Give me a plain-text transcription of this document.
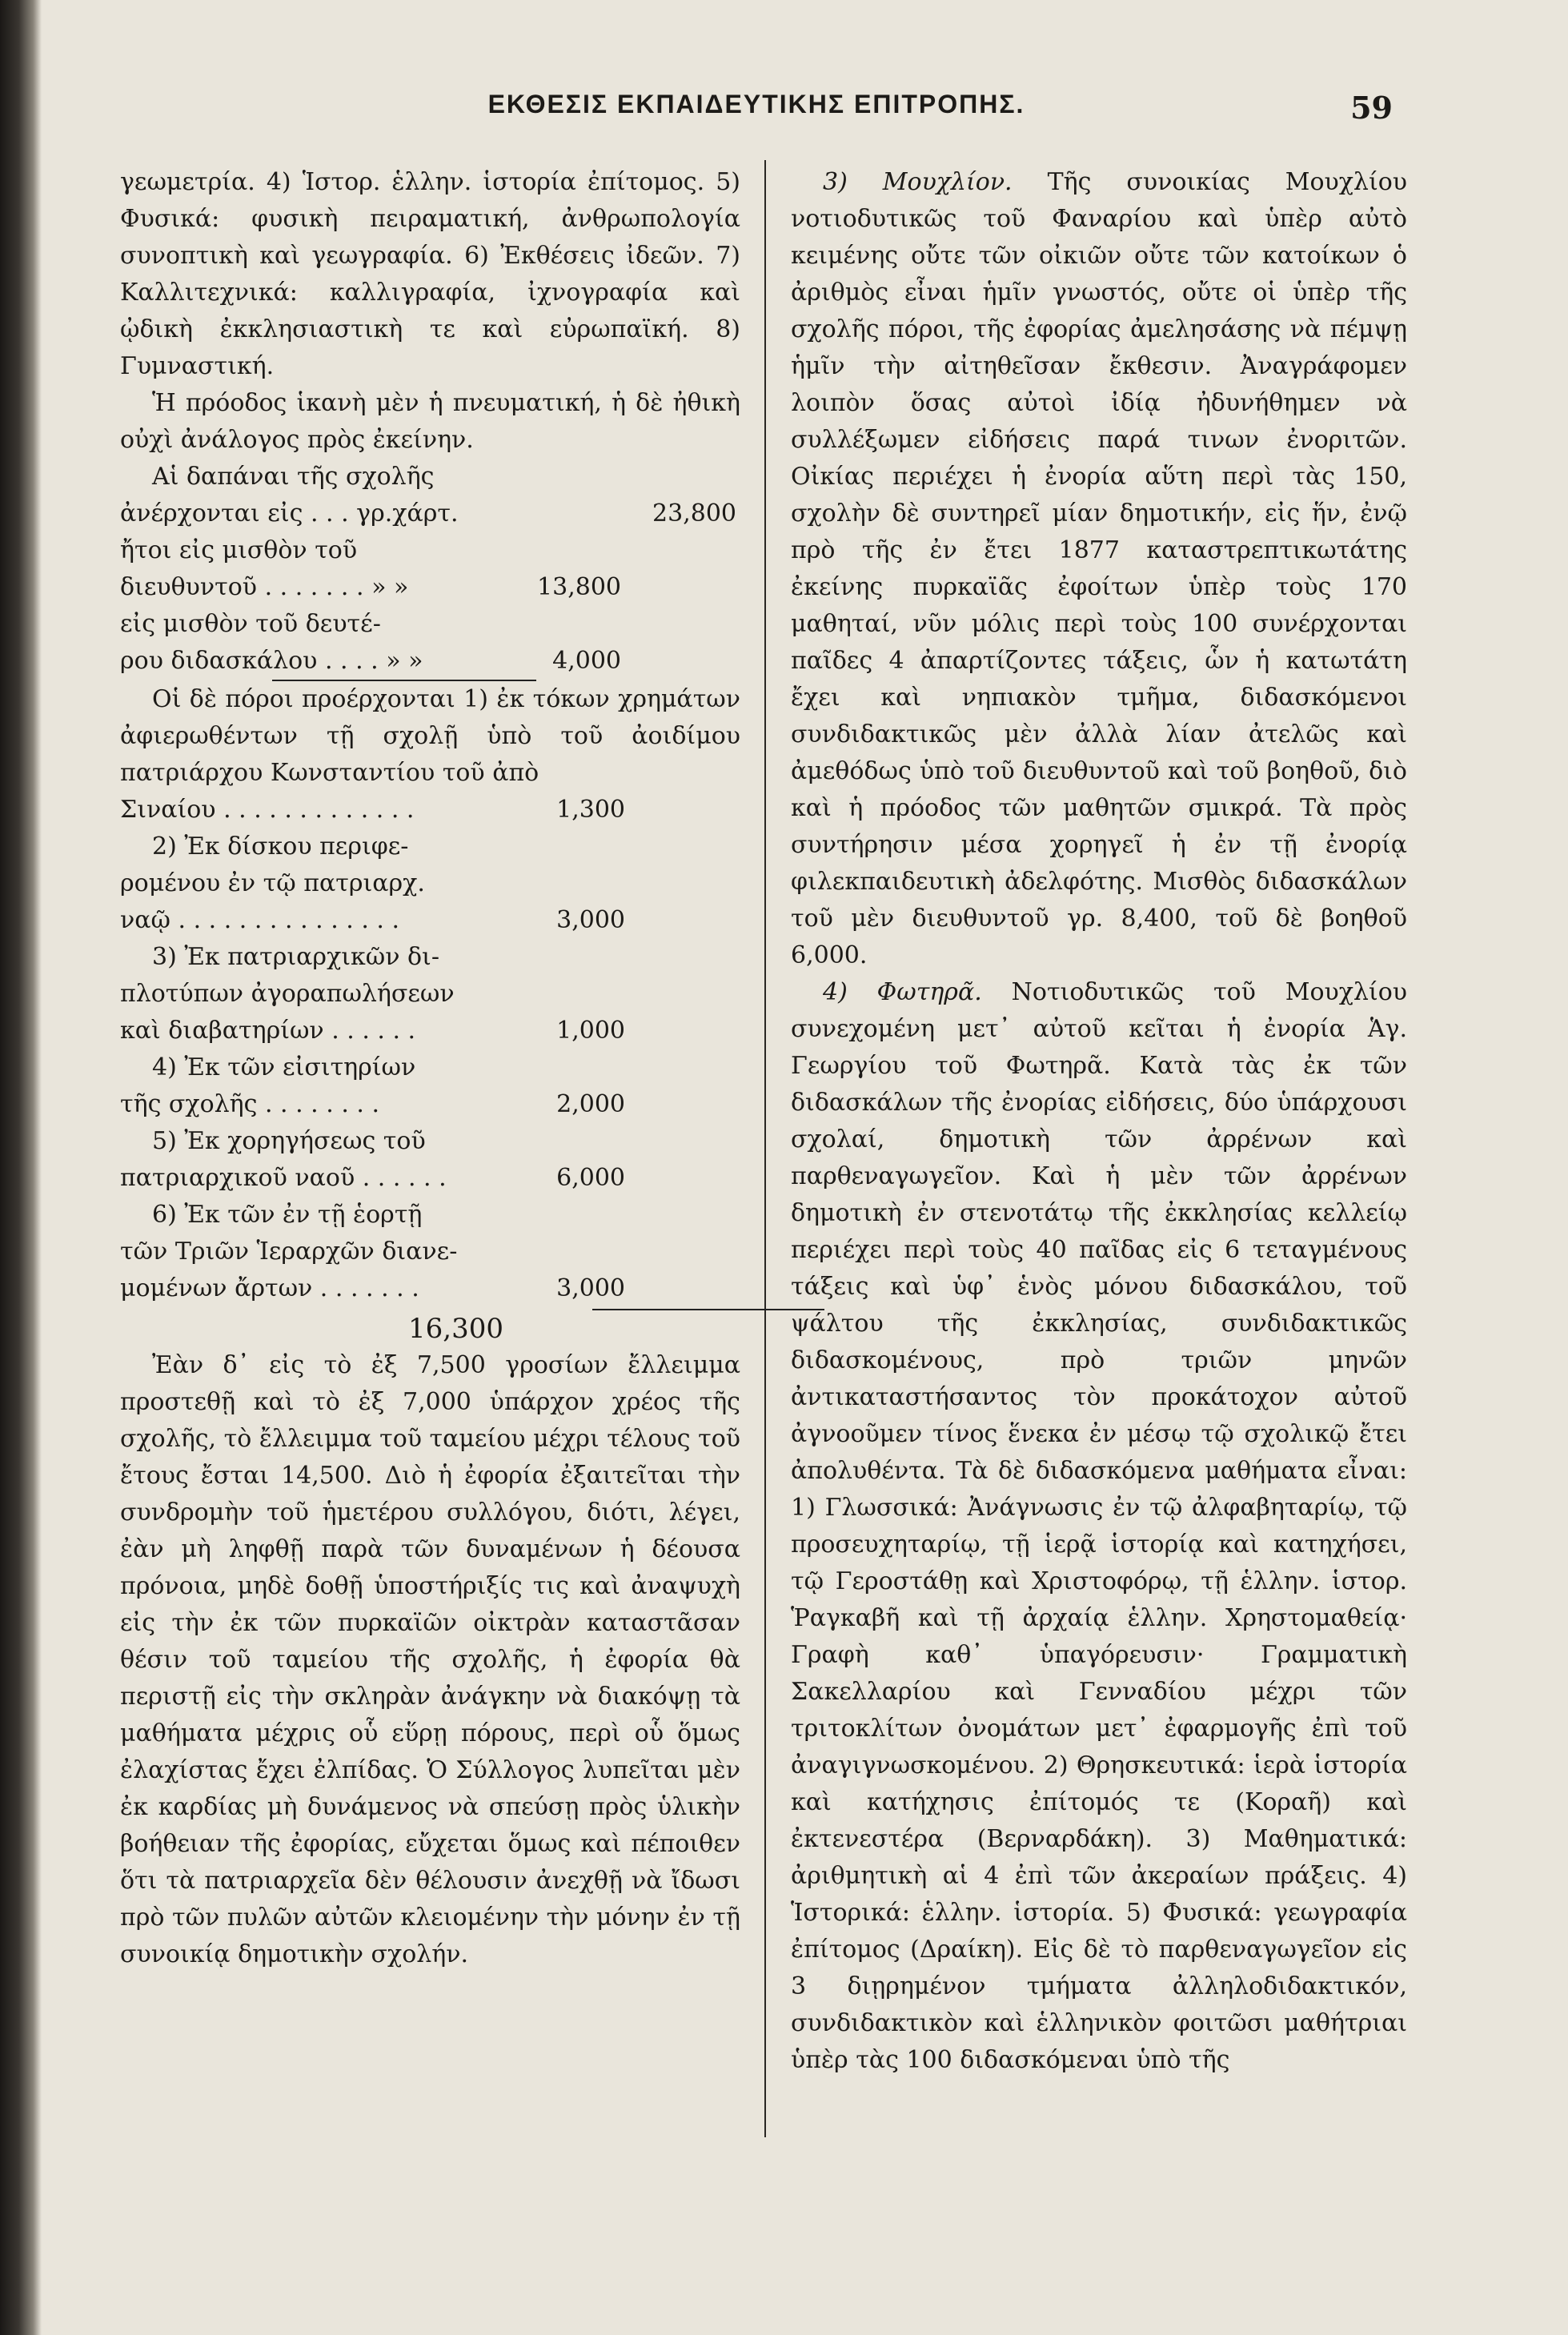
ΕΚΘΕΣΙΣ ΕΚΠΑΙΔΕΥΤΙΚΗΣ ΕΠΙΤΡΟΠΗΣ.	59

γεωμετρία. 4) Ἱστορ. ἑλλην. ἱστορία ἐπίτομος. 5) Φυσικά: φυσικὴ πειραματική, ἀνθρωπολογία συνοπτικὴ καὶ γεωγραφία. 6) Ἐκθέσεις ἰδεῶν. 7) Καλλιτεχνικά: καλλιγραφία, ἰχνογραφία καὶ ᾠδικὴ ἐκκλησιαστικὴ τε καὶ εὐρωπαϊκή. 8) Γυμναστική.

Ἡ πρόοδος ἱκανὴ μὲν ἡ πνευματική, ἡ δὲ ἠθικὴ οὐχὶ ἀνάλογος πρὸς ἐκείνην.

Αἱ δαπάναι τῆς σχολῆς

ἀνέρχονται εἰς . . . γρ.χάρτ.	23,800
ἤτοι εἰς μισθὸν τοῦ
διευθυντοῦ . . . . . . . » »	13,800
εἰς μισθὸν τοῦ δευτέ-
ρου διδασκάλου . . . . » »	4,000

Οἱ δὲ πόροι προέρχονται 1) ἐκ τόκων χρημάτων ἀφιερωθέντων τῇ σχολῇ ὑπὸ τοῦ ἀοιδίμου πατριάρχου Κωνσταντίου τοῦ ἀπὸ

Σιναίου . . . . . . . . . . . . .	1,300
2) Ἐκ δίσκου περιφε-
ρομένου ἐν τῷ πατριαρχ.
ναῷ . . . . . . . . . . . . . . .	3,000
3) Ἐκ πατριαρχικῶν δι-
πλοτύπων ἀγοραπωλήσεων
καὶ διαβατηρίων . . . . . .	1,000
4) Ἐκ τῶν εἰσιτηρίων
τῆς σχολῆς . . . . . . . .	2,000
5) Ἐκ χορηγήσεως τοῦ
πατριαρχικοῦ ναοῦ . . . . . .	6,000
6) Ἐκ τῶν ἐν τῇ ἑορτῇ
τῶν Τριῶν Ἱεραρχῶν διανε-
μομένων ἄρτων . . . . . . .	3,000
16,300

Ἐὰν δ᾽ εἰς τὸ ἐξ 7,500 γροσίων ἔλλειμμα προστεθῇ καὶ τὸ ἐξ 7,000 ὑπάρχον χρέος τῆς σχολῆς, τὸ ἔλλειμμα τοῦ ταμείου μέχρι τέλους τοῦ ἔτους ἔσται 14,500. Διὸ ἡ ἐφορία ἐξαιτεῖται τὴν συνδρομὴν τοῦ ἡμετέρου συλλόγου, διότι, λέγει, ἐὰν μὴ ληφθῇ παρὰ τῶν δυναμένων ἡ δέουσα πρόνοια, μηδὲ δοθῇ ὑποστήριξίς τις καὶ ἀναψυχὴ εἰς τὴν ἐκ τῶν πυρκαϊῶν οἰκτρὰν καταστᾶσαν θέσιν τοῦ ταμείου τῆς σχολῆς, ἡ ἐφορία θὰ περιστῇ εἰς τὴν σκληρὰν ἀνάγκην νὰ διακόψῃ τὰ μαθήματα μέχρις οὗ εὕρῃ πόρους, περὶ οὗ ὅμως ἐλαχίστας ἔχει ἐλπίδας. Ὁ Σύλλογος λυπεῖται μὲν ἐκ καρδίας μὴ δυνάμενος νὰ σπεύσῃ πρὸς ὑλικὴν βοήθειαν τῆς ἐφορίας, εὔχεται ὅμως καὶ πέποιθεν ὅτι τὰ πατριαρχεῖα δὲν θέλουσιν ἀνεχθῇ νὰ ἴδωσι πρὸ τῶν πυλῶν αὐτῶν κλειομένην τὴν μόνην ἐν τῇ συνοικίᾳ δημοτικὴν σχολήν.

3) Μουχλίον. Τῆς συνοικίας Μουχλίου νοτιοδυτικῶς τοῦ Φαναρίου καὶ ὑπὲρ αὐτὸ κειμένης οὔτε τῶν οἰκιῶν οὔτε τῶν κατοίκων ὁ ἀριθμὸς εἶναι ἡμῖν γνωστός, οὔτε οἱ ὑπὲρ τῆς σχολῆς πόροι, τῆς ἐφορίας ἀμελησάσης νὰ πέμψῃ ἡμῖν τὴν αἰτηθεῖσαν ἔκθεσιν. Ἀναγράφομεν λοιπὸν ὅσας αὐτοὶ ἰδίᾳ ἠδυνήθημεν νὰ συλλέξωμεν εἰδήσεις παρά τινων ἐνοριτῶν. Οἰκίας περιέχει ἡ ἐνορία αὕτη περὶ τὰς 150, σχολὴν δὲ συντηρεῖ μίαν δημοτικήν, εἰς ἥν, ἐνῷ πρὸ τῆς ἐν ἔτει 1877 καταστρεπτικωτάτης ἐκείνης πυρκαϊᾶς ἐφοίτων ὑπὲρ τοὺς 170 μαθηταί, νῦν μόλις περὶ τοὺς 100 συνέρχονται παῖδες 4 ἀπαρτίζοντες τάξεις, ὧν ἡ κατωτάτη ἔχει καὶ νηπιακὸν τμῆμα, διδασκόμενοι συνδιδακτικῶς μὲν ἀλλὰ λίαν ἀτελῶς καὶ ἀμεθόδως ὑπὸ τοῦ διευθυντοῦ καὶ τοῦ βοηθοῦ, διὸ καὶ ἡ πρόοδος τῶν μαθητῶν σμικρά. Τὰ πρὸς συντήρησιν μέσα χορηγεῖ ἡ ἐν τῇ ἐνορίᾳ φιλεκπαιδευτικὴ ἀδελφότης. Μισθὸς διδασκάλων τοῦ μὲν διευθυντοῦ γρ. 8,400, τοῦ δὲ βοηθοῦ 6,000.

4) Φωτηρᾶ. Νοτιοδυτικῶς τοῦ Μουχλίου συνεχομένη μετ᾽ αὐτοῦ κεῖται ἡ ἐνορία Ἁγ. Γεωργίου τοῦ Φωτηρᾶ. Κατὰ τὰς ἐκ τῶν διδασκάλων τῆς ἐνορίας εἰδήσεις, δύο ὑπάρχουσι σχολαί, δημοτικὴ τῶν ἀρρένων καὶ παρθεναγωγεῖον. Καὶ ἡ μὲν τῶν ἀρρένων δημοτικὴ ἐν στενοτάτῳ τῆς ἐκκλησίας κελλείῳ περιέχει περὶ τοὺς 40 παῖδας εἰς 6 τεταγμένους τάξεις καὶ ὑφ᾽ ἑνὸς μόνου διδασκάλου, τοῦ ψάλτου τῆς ἐκκλησίας, συνδιδακτικῶς διδασκομένους, πρὸ τριῶν μηνῶν ἀντικαταστήσαντος τὸν προκάτοχον αὐτοῦ ἀγνοοῦμεν τίνος ἕνεκα ἐν μέσῳ τῷ σχολικῷ ἔτει ἀπολυθέντα. Τὰ δὲ διδασκόμενα μαθήματα εἶναι: 1) Γλωσσικά: Ἀνάγνωσις ἐν τῷ ἀλφαβηταρίῳ, τῷ προσευχηταρίῳ, τῇ ἱερᾷ ἱστορίᾳ καὶ κατηχήσει, τῷ Γεροστάθῃ καὶ Χριστοφόρῳ, τῇ ἑλλην. ἱστορ. Ῥαγκαβῆ καὶ τῇ ἀρχαίᾳ ἑλλην. Χρηστομαθείᾳ· Γραφὴ καθ᾽ ὑπαγόρευσιν· Γραμματικὴ Σακελλαρίου καὶ Γενναδίου μέχρι τῶν τριτοκλίτων ὀνομάτων μετ᾽ ἐφαρμογῆς ἐπὶ τοῦ ἀναγιγνωσκομένου. 2) Θρησκευτικά: ἱερὰ ἱστορία καὶ κατήχησις ἐπίτομός τε (Κοραῆ) καὶ ἐκτενεστέρα (Βερναρδάκη). 3) Μαθηματικά: ἀριθμητικὴ αἱ 4 ἐπὶ τῶν ἀκεραίων πράξεις. 4) Ἱστορικά: ἑλλην. ἱστορία. 5) Φυσικά: γεωγραφία ἐπίτομος (Δραίκη). Εἰς δὲ τὸ παρθεναγωγεῖον εἰς 3 διῃρημένον τμήματα ἀλληλοδιδακτικόν, συνδιδακτικὸν καὶ ἑλληνικὸν φοιτῶσι μαθήτριαι ὑπὲρ τὰς 100 διδασκόμεναι ὑπὸ τῆς
